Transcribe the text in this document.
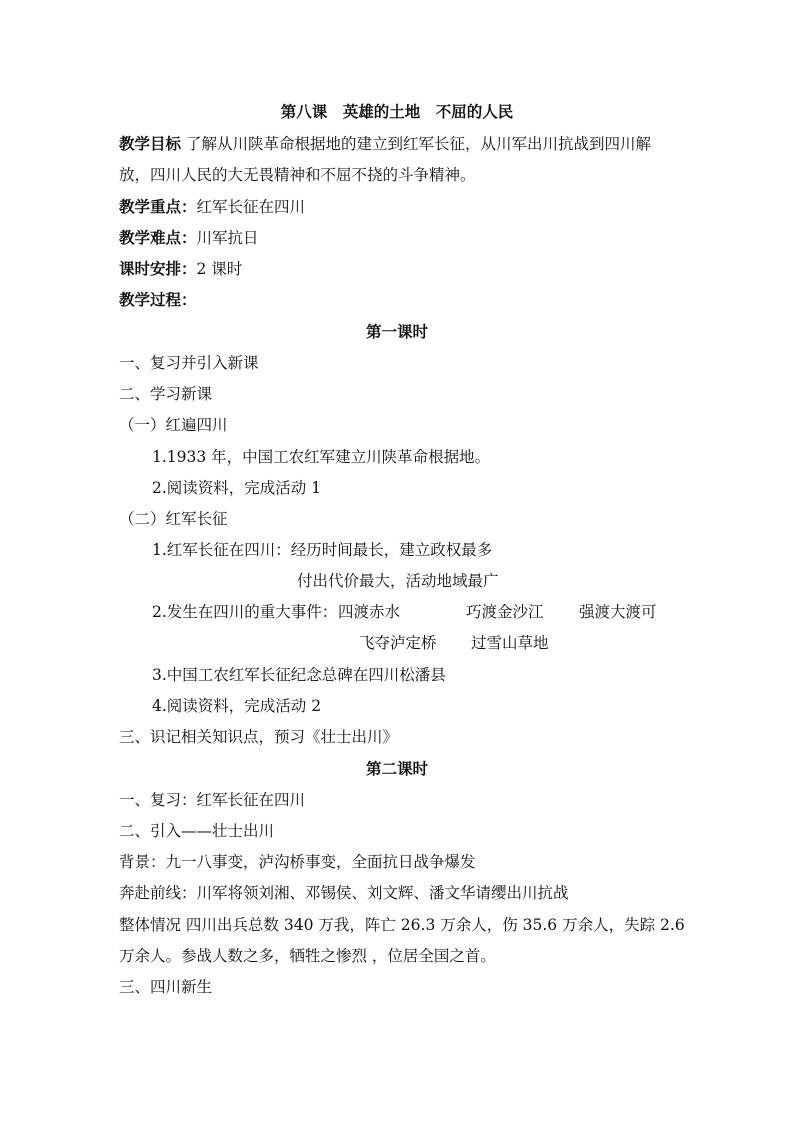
第八课　英雄的土地　不屈的人民
教学目标 了解从川陕革命根据地的建立到红军长征，从川军出川抗战到四川解
放，四川人民的大无畏精神和不屈不挠的斗争精神。
教学重点：红军长征在四川
教学难点：川军抗日
课时安排：2 课时
教学过程：
第一课时
一、复习并引入新课
二、学习新课
（一）红遍四川
1.1933 年，中国工农红军建立川陕革命根据地。
2.阅读资料，完成活动 1
（二）红军长征
1.红军长征在四川：经历时间最长，建立政权最多
付出代价最大，活动地域最广
2.发生在四川的重大事件： 四渡赤水	巧渡金沙江 强渡大渡可
飞夺泸定桥 过雪山草地
3.中国工农红军长征纪念总碑在四川松潘县
4.阅读资料，完成活动 2
三、识记相关知识点，预习《壮士出川》
第二课时
一、复习：红军长征在四川
二、引入——壮士出川
背景：九一八事变，泸沟桥事变，全面抗日战争爆发
奔赴前线：川军将领刘湘、邓锡侯、刘文辉、潘文华请缨出川抗战
整体情况 四川出兵总数 340 万我，阵亡 26.3 万余人，伤 35.6 万余人，失踪 2.6
万余人。参战人数之多，牺牲之惨烈 ，位居全国之首。
三、四川新生
